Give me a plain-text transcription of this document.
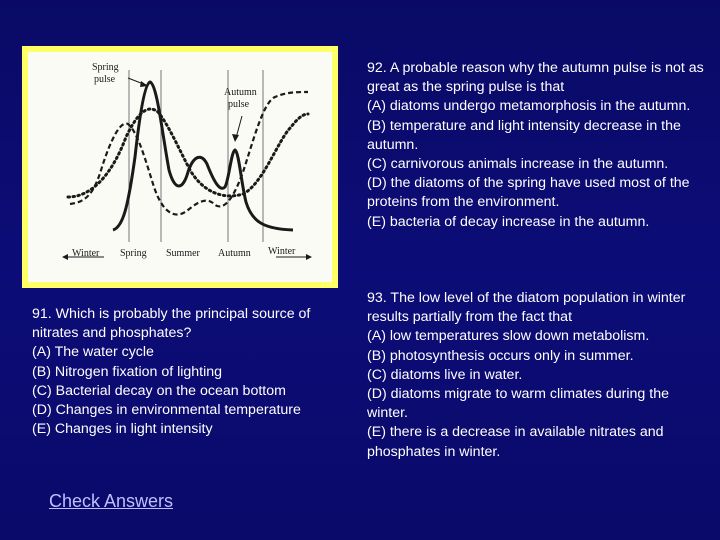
Spring
pulse
Autumn
pulse
Winter Spring Summer Autumn Winter

92. A probable reason why the autumn pulse is not as great as the spring pulse is that

(A) diatoms undergo metamorphosis in the autumn.

(B) temperature and light intensity decrease in the autumn.

(C) carnivorous animals increase in the autumn.

(D) the diatoms of the spring have used most of the proteins from the environment.

(E) bacteria of decay increase in the autumn.

93. The low level of the diatom population in winter results partially from the fact that

(A) low temperatures slow down metabolism.

(B) photosynthesis occurs only in summer.

(C) diatoms live in water.

(D) diatoms migrate to warm climates during the winter.

(E) there is a decrease in available nitrates and phosphates in winter.

91. Which is probably the principal source of nitrates and phosphates?

(A) The water cycle

(B) Nitrogen fixation of lighting

(C) Bacterial decay on the ocean bottom

(D) Changes in environmental temperature

(E) Changes in light intensity

Check Answers
